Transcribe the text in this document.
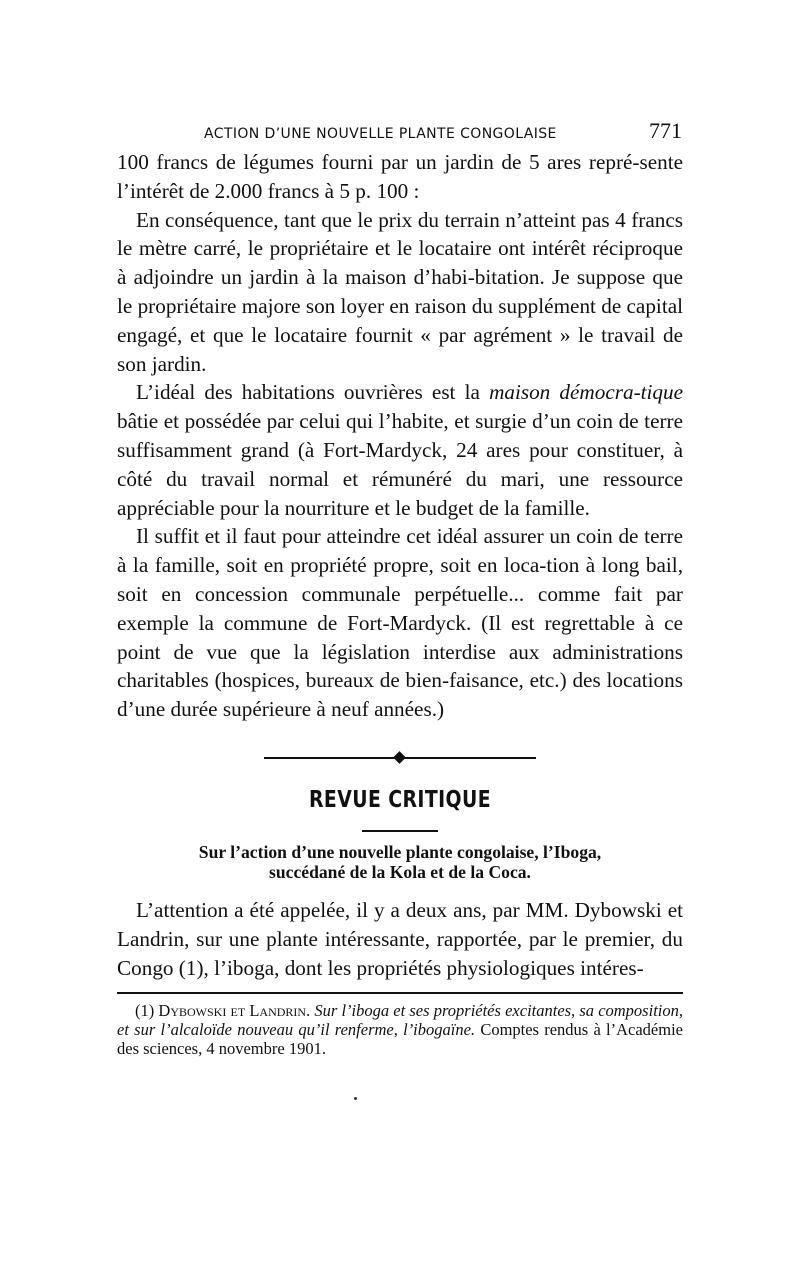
ACTION D’UNE NOUVELLE PLANTE CONGOLAISE	771

100 francs de légumes fourni par un jardin de 5 ares repré-sente l’intérêt de 2.000 francs à 5 p. 100 :

En conséquence, tant que le prix du terrain n’atteint pas 4 francs le mètre carré, le propriétaire et le locataire ont intérêt réciproque à adjoindre un jardin à la maison d’habi-bitation. Je suppose que le propriétaire majore son loyer en raison du supplément de capital engagé, et que le locataire fournit « par agrément » le travail de son jardin.

L’idéal des habitations ouvrières est la maison démocra-tique bâtie et possédée par celui qui l’habite, et surgie d’un coin de terre suffisamment grand (à Fort-Mardyck, 24 ares pour constituer, à côté du travail normal et rémunéré du mari, une ressource appréciable pour la nourriture et le budget de la famille.

Il suffit et il faut pour atteindre cet idéal assurer un coin de terre à la famille, soit en propriété propre, soit en loca-tion à long bail, soit en concession communale perpétuelle... comme fait par exemple la commune de Fort-Mardyck. (Il est regrettable à ce point de vue que la législation interdise aux administrations charitables (hospices, bureaux de bien-faisance, etc.) des locations d’une durée supérieure à neuf années.)

REVUE CRITIQUE
Sur l’action d’une nouvelle plante congolaise, l’Iboga,
succédané de la Kola et de la Coca.

L’attention a été appelée, il y a deux ans, par MM. Dybowski et Landrin, sur une plante intéressante, rapportée, par le premier, du Congo (1), l’iboga, dont les propriétés physiologiques intéres-

(1) Dybowski et Landrin. Sur l’iboga et ses propriétés excitantes, sa composition, et sur l’alcaloïde nouveau qu’il renferme, l’ibogaïne. Comptes rendus à l’Académie des sciences, 4 novembre 1901.
